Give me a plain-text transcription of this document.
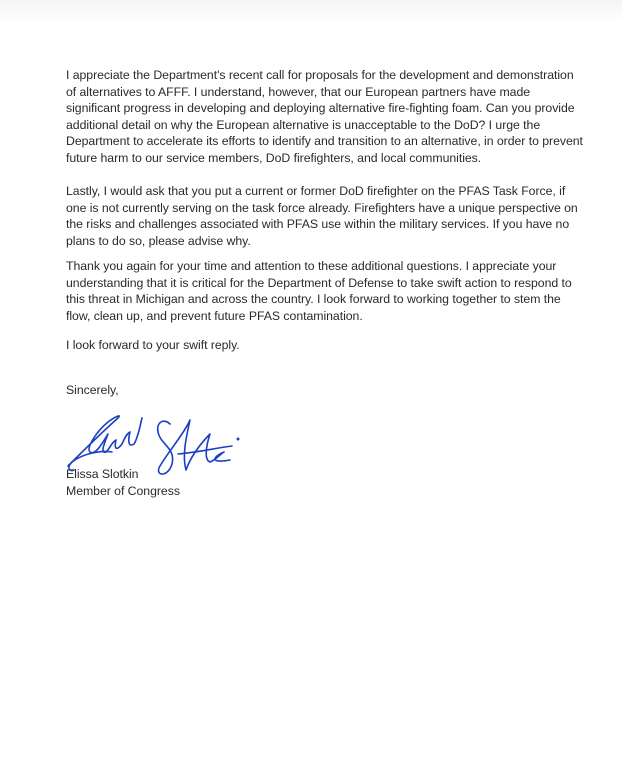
I appreciate the Department's recent call for proposals for the development and demonstration
of alternatives to AFFF. I understand, however, that our European partners have made
significant progress in developing and deploying alternative fire-fighting foam. Can you provide
additional detail on why the European alternative is unacceptable to the DoD? I urge the
Department to accelerate its efforts to identify and transition to an alternative, in order to prevent
future harm to our service members, DoD firefighters, and local communities.
Lastly, I would ask that you put a current or former DoD firefighter on the PFAS Task Force, if
one is not currently serving on the task force already. Firefighters have a unique perspective on
the risks and challenges associated with PFAS use within the military services. If you have no
plans to do so, please advise why.
Thank you again for your time and attention to these additional questions. I appreciate your
understanding that it is critical for the Department of Defense to take swift action to respond to
this threat in Michigan and across the country. I look forward to working together to stem the
flow, clean up, and prevent future PFAS contamination.
I look forward to your swift reply.
Sincerely,
Elissa Slotkin
Member of Congress
